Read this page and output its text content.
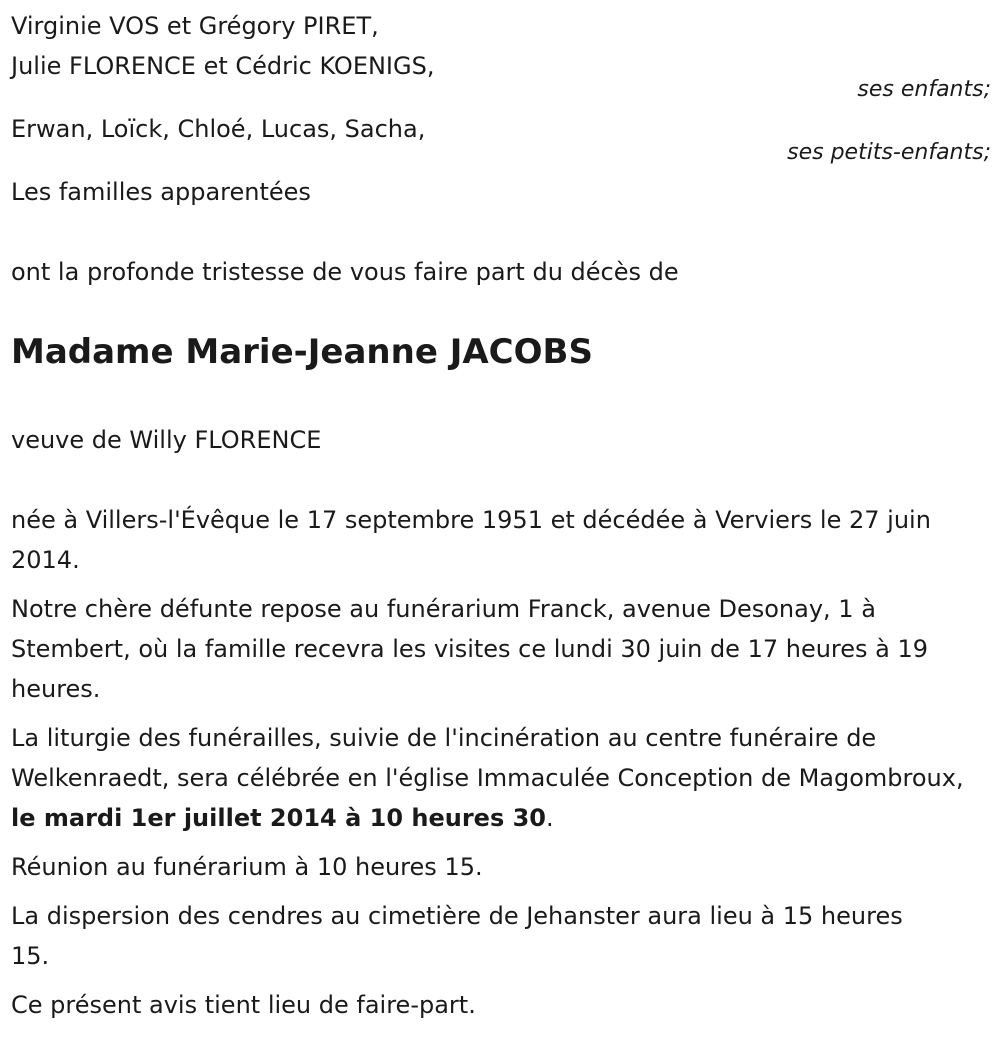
Virginie VOS et Grégory PIRET,
Julie FLORENCE et Cédric KOENIGS,
ses enfants;
Erwan, Loïck, Chloé, Lucas, Sacha,
ses petits-enfants;
Les familles apparentées
ont la profonde tristesse de vous faire part du décès de
Madame Marie-Jeanne JACOBS
veuve de Willy FLORENCE
née à Villers-l'Évêque le 17 septembre 1951 et décédée à Verviers le 27 juin 2014.
Notre chère défunte repose au funérarium Franck, avenue Desonay, 1 à Stembert, où la famille recevra les visites ce lundi 30 juin de 17 heures à 19 heures.
La liturgie des funérailles, suivie de l'incinération au centre funéraire de Welkenraedt, sera célébrée en l'église Immaculée Conception de Magombroux, le mardi 1er juillet 2014 à 10 heures 30.
Réunion au funérarium à 10 heures 15.
La dispersion des cendres au cimetière de Jehanster aura lieu à 15 heures 15.
Ce présent avis tient lieu de faire-part.
